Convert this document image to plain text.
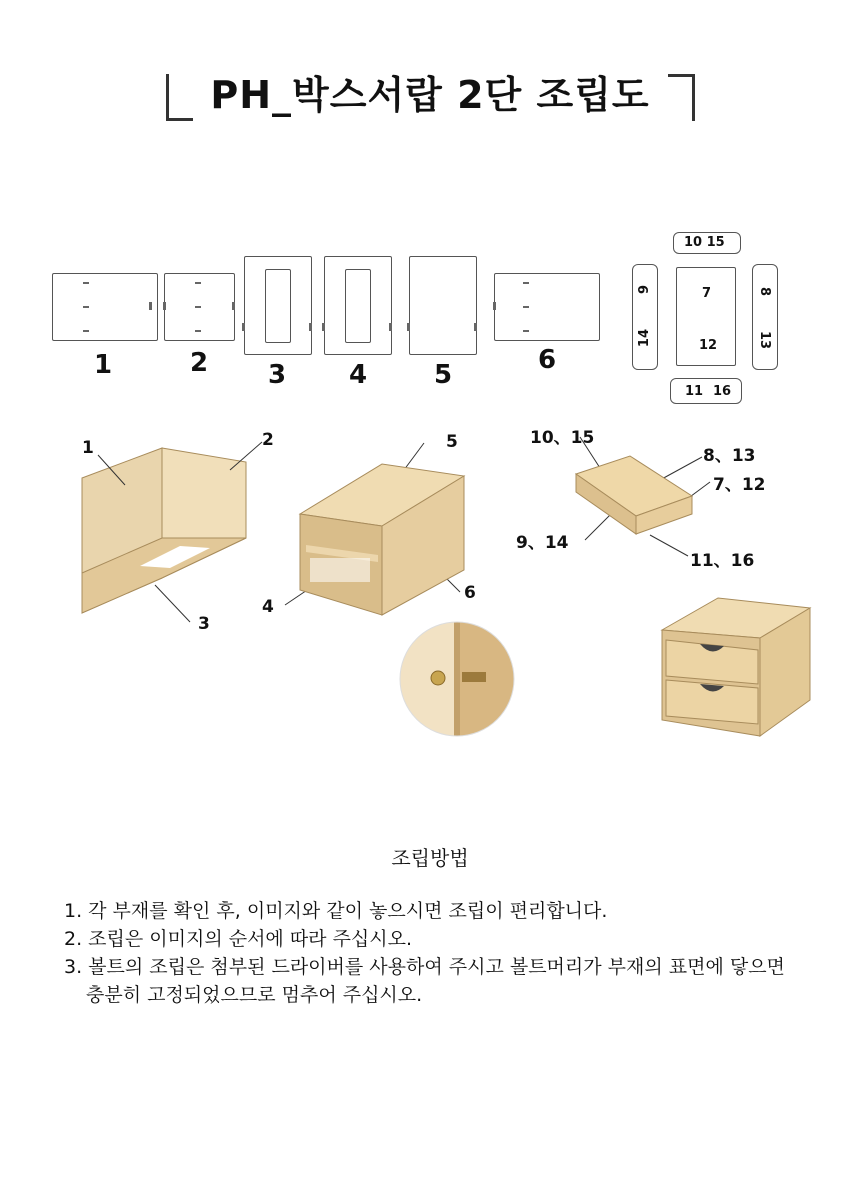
PH_박스서랍 2단 조립도
1	2 3 4	5	6
10 15
9
14
7
12
8
13
11 16
1	2
3
5
4
6
10、15
8、13
7、12
9、14
11、16
조립방법
1. 각 부재를 확인 후, 이미지와 같이 놓으시면 조립이 편리합니다.
2. 조립은 이미지의 순서에 따라 주십시오.
3. 볼트의 조립은 첨부된 드라이버를 사용하여 주시고 볼트머리가 부재의 표면에 닿으면
충분히 고정되었으므로 멈추어 주십시오.
